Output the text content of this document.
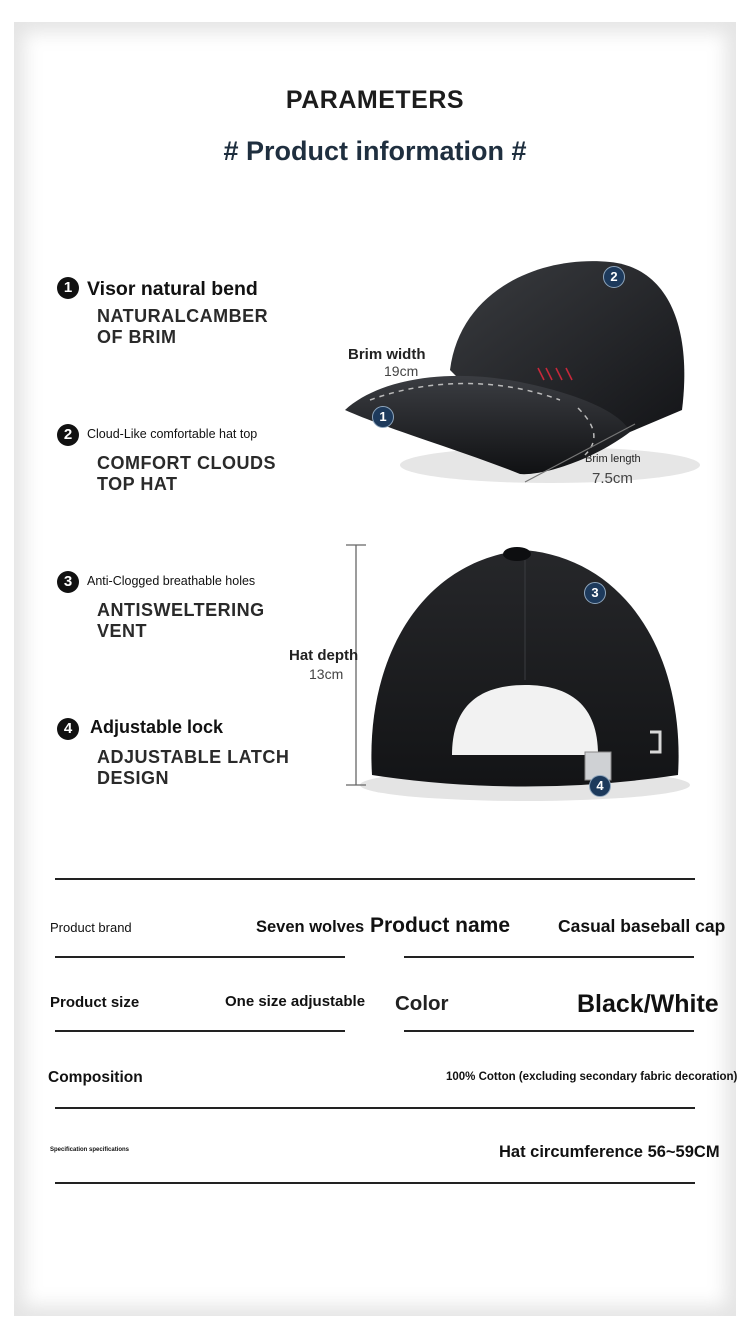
PARAMETERS
# Product information #
1 Visor natural bend
NATURALCAMBER
OF BRIM
2	Cloud-Like comfortable hat top
COMFORT CLOUDS
TOP HAT
3	Anti-Clogged breathable holes
ANTISWELTERING
VENT
4 Adjustable lock
ADJUSTABLE LATCH
DESIGN
1
2
3
4
Brim width
19cm
Brim length
7.5cm
Hat depth
13cm
Product brand	Seven wolves Product name	Casual baseball cap
Product size	One size adjustable Color	Black/White
Composition	100% Cotton (excluding secondary fabric decoration)
Specification specifications	Hat circumference 56~59CM
